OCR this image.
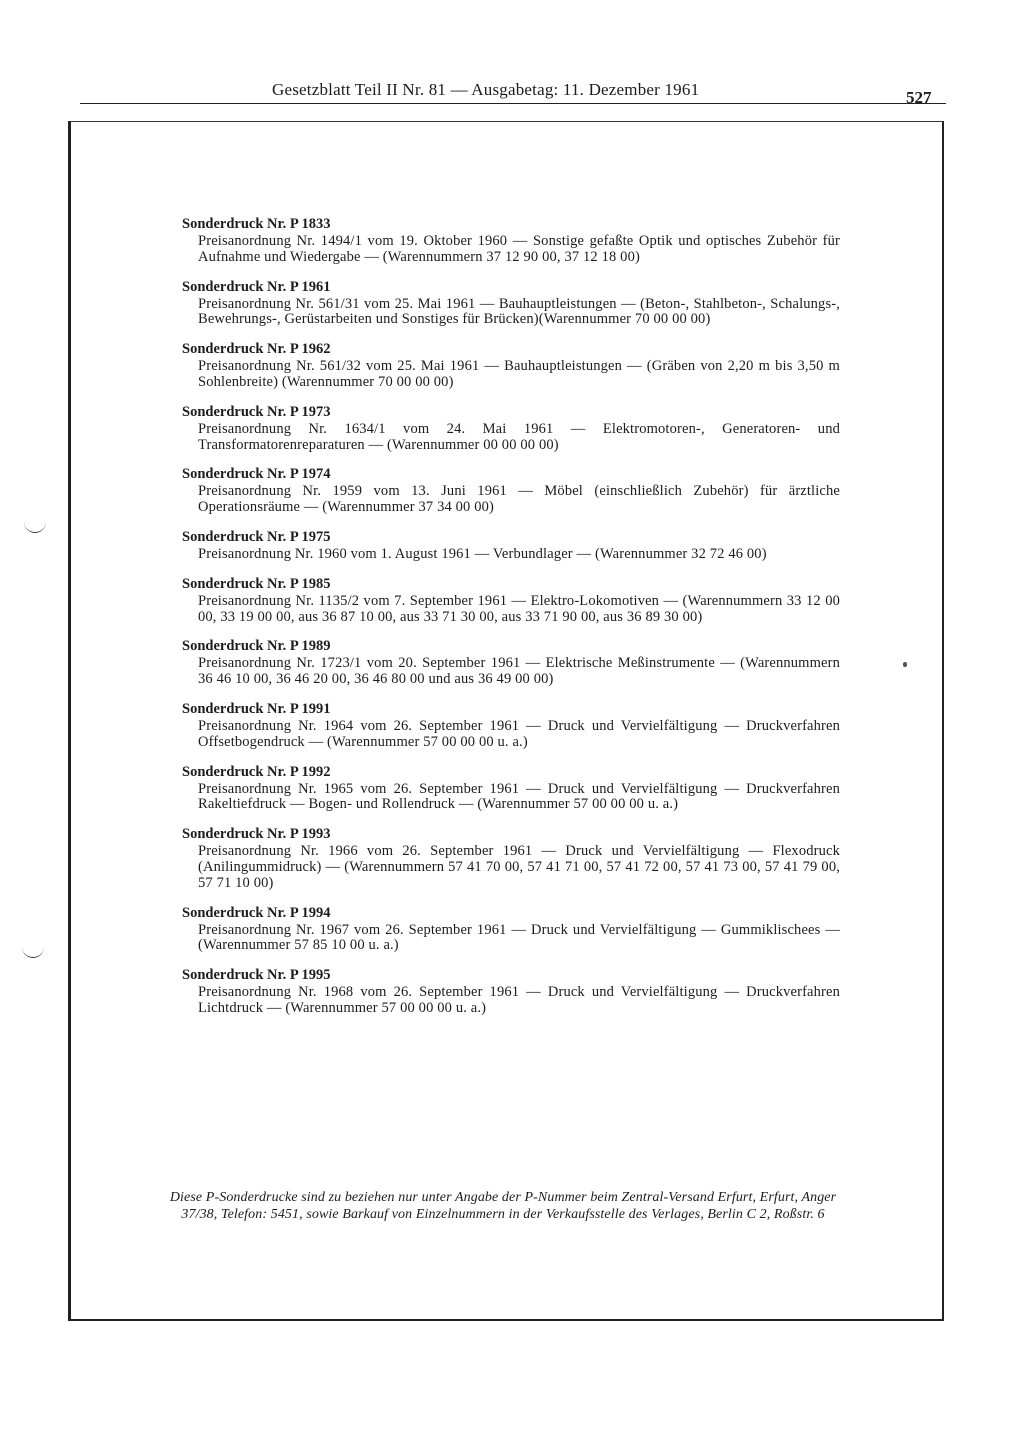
Gesetzblatt Teil II Nr. 81 — Ausgabetag: 11. Dezember 1961	527
Sonderdruck Nr. P 1833
Preisanordnung Nr. 1494/1 vom 19. Oktober 1960 — Sonstige gefaßte Optik und optisches Zubehör für Aufnahme und Wiedergabe — (Warennummern 37 12 90 00, 37 12 18 00)
Sonderdruck Nr. P 1961
Preisanordnung Nr. 561/31 vom 25. Mai 1961 — Bauhauptleistungen — (Beton-, Stahlbeton-, Schalungs-, Bewehrungs-, Gerüstarbeiten und Sonstiges für Brücken)(Warennummer 70 00 00 00)
Sonderdruck Nr. P 1962
Preisanordnung Nr. 561/32 vom 25. Mai 1961 — Bauhauptleistungen — (Gräben von 2,20 m bis 3,50 m Sohlenbreite) (Warennummer 70 00 00 00)
Sonderdruck Nr. P 1973
Preisanordnung Nr. 1634/1 vom 24. Mai 1961 — Elektromotoren-, Generatoren- und Transformatorenreparaturen — (Warennummer 00 00 00 00)
Sonderdruck Nr. P 1974
Preisanordnung Nr. 1959 vom 13. Juni 1961 — Möbel (einschließlich Zubehör) für ärztliche Operationsräume — (Warennummer 37 34 00 00)
Sonderdruck Nr. P 1975
Preisanordnung Nr. 1960 vom 1. August 1961 — Verbundlager — (Warennummer 32 72 46 00)
Sonderdruck Nr. P 1985
Preisanordnung Nr. 1135/2 vom 7. September 1961 — Elektro-Lokomotiven — (Warennummern 33 12 00 00, 33 19 00 00, aus 36 87 10 00, aus 33 71 30 00, aus 33 71 90 00, aus 36 89 30 00)
Sonderdruck Nr. P 1989
Preisanordnung Nr. 1723/1 vom 20. September 1961 — Elektrische Meßinstrumente — (Warennummern 36 46 10 00, 36 46 20 00, 36 46 80 00 und aus 36 49 00 00)
Sonderdruck Nr. P 1991
Preisanordnung Nr. 1964 vom 26. September 1961 — Druck und Vervielfältigung — Druckverfahren Offsetbogendruck — (Warennummer 57 00 00 00 u. a.)
Sonderdruck Nr. P 1992
Preisanordnung Nr. 1965 vom 26. September 1961 — Druck und Vervielfältigung — Druckverfahren Rakeltiefdruck — Bogen- und Rollendruck — (Warennummer 57 00 00 00 u. a.)
Sonderdruck Nr. P 1993
Preisanordnung Nr. 1966 vom 26. September 1961 — Druck und Vervielfältigung — Flexodruck (Anilingummidruck) — (Warennummern 57 41 70 00, 57 41 71 00, 57 41 72 00, 57 41 73 00, 57 41 79 00, 57 71 10 00)
Sonderdruck Nr. P 1994
Preisanordnung Nr. 1967 vom 26. September 1961 — Druck und Vervielfältigung — Gummiklischees — (Warennummer 57 85 10 00 u. a.)
Sonderdruck Nr. P 1995
Preisanordnung Nr. 1968 vom 26. September 1961 — Druck und Vervielfältigung — Druckverfahren Lichtdruck — (Warennummer 57 00 00 00 u. a.)
Diese P-Sonderdrucke sind zu beziehen nur unter Angabe der P-Nummer beim Zentral-Versand Erfurt, Erfurt, Anger 37/38, Telefon: 5451, sowie Barkauf von Einzelnummern in der Verkaufsstelle des Verlages, Berlin C 2, Roßstr. 6
